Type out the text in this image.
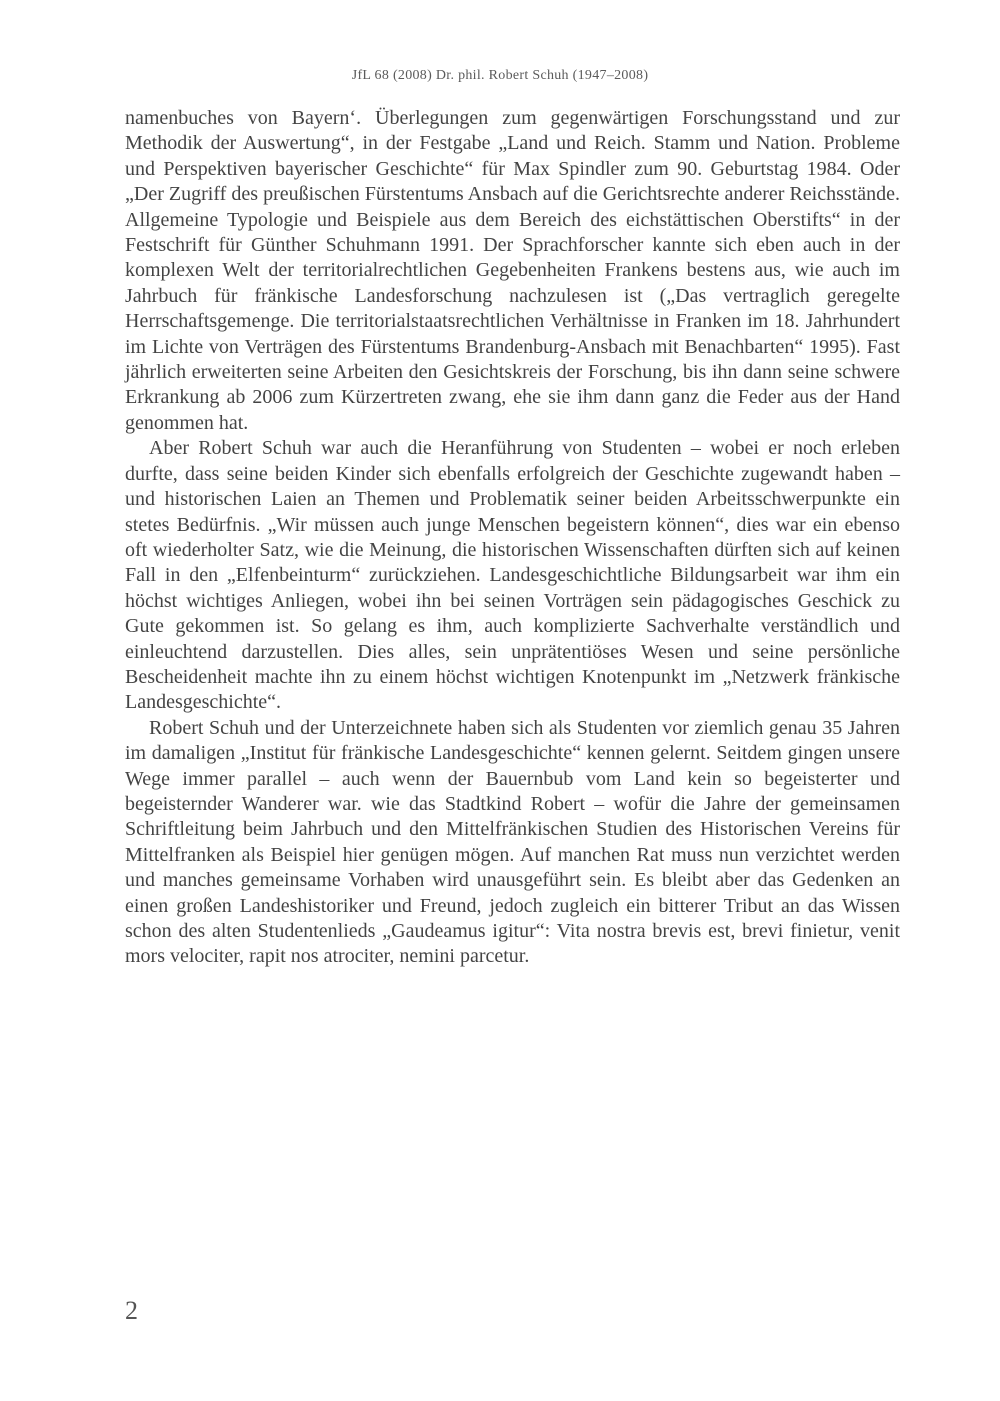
JfL 68 (2008) Dr. phil. Robert Schuh (1947–2008)

namenbuches von Bayern‘. Überlegungen zum gegenwärtigen Forschungsstand und zur Methodik der Auswertung“, in der Festgabe „Land und Reich. Stamm und Nation. Probleme und Perspektiven bayerischer Geschichte“ für Max Spindler zum 90. Geburtstag 1984. Oder „Der Zugriff des preußischen Fürstentums Ansbach auf die Gerichtsrechte anderer Reichsstände. Allgemeine Typologie und Beispiele aus dem Bereich des eichstättischen Oberstifts“ in der Festschrift für Günther Schuhmann 1991. Der Sprachforscher kannte sich eben auch in der komplexen Welt der territorialrechtlichen Gegebenheiten Frankens bestens aus, wie auch im Jahrbuch für fränkische Landesforschung nachzulesen ist („Das vertraglich geregelte Herrschaftsgemenge. Die territorialstaatsrechtlichen Verhältnisse in Franken im 18. Jahrhundert im Lichte von Verträgen des Fürstentums Brandenburg-Ansbach mit Benachbarten“ 1995). Fast jährlich erweiterten seine Arbeiten den Gesichtskreis der Forschung, bis ihn dann seine schwere Erkrankung ab 2006 zum Kürzertreten zwang, ehe sie ihm dann ganz die Feder aus der Hand genommen hat.

Aber Robert Schuh war auch die Heranführung von Studenten – wobei er noch erleben durfte, dass seine beiden Kinder sich ebenfalls erfolgreich der Geschichte zugewandt haben – und historischen Laien an Themen und Problematik seiner beiden Arbeitsschwerpunkte ein stetes Bedürfnis. „Wir müssen auch junge Menschen begeistern können“, dies war ein ebenso oft wiederholter Satz, wie die Meinung, die historischen Wissenschaften dürften sich auf keinen Fall in den „Elfenbeinturm“ zurückziehen. Landesgeschichtliche Bildungsarbeit war ihm ein höchst wichtiges Anliegen, wobei ihn bei seinen Vorträgen sein pädagogisches Geschick zu Gute gekommen ist. So gelang es ihm, auch komplizierte Sachverhalte verständlich und einleuchtend darzustellen. Dies alles, sein unprätentiöses Wesen und seine persönliche Bescheidenheit machte ihn zu einem höchst wichtigen Knotenpunkt im „Netzwerk fränkische Landesgeschichte“.

Robert Schuh und der Unterzeichnete haben sich als Studenten vor ziemlich genau 35 Jahren im damaligen „Institut für fränkische Landesgeschichte“ kennen gelernt. Seitdem gingen unsere Wege immer parallel – auch wenn der Bauernbub vom Land kein so begeisterter und begeisternder Wanderer war. wie das Stadtkind Robert – wofür die Jahre der gemeinsamen Schriftleitung beim Jahrbuch und den Mittelfränkischen Studien des Historischen Vereins für Mittelfranken als Beispiel hier genügen mögen. Auf manchen Rat muss nun verzichtet werden und manches gemeinsame Vorhaben wird unausgeführt sein. Es bleibt aber das Gedenken an einen großen Landeshistoriker und Freund, jedoch zugleich ein bitterer Tribut an das Wissen schon des alten Studentenlieds „Gaudeamus igitur“: Vita nostra brevis est, brevi finietur, venit mors velociter, rapit nos atrociter, nemini parcetur.

2
